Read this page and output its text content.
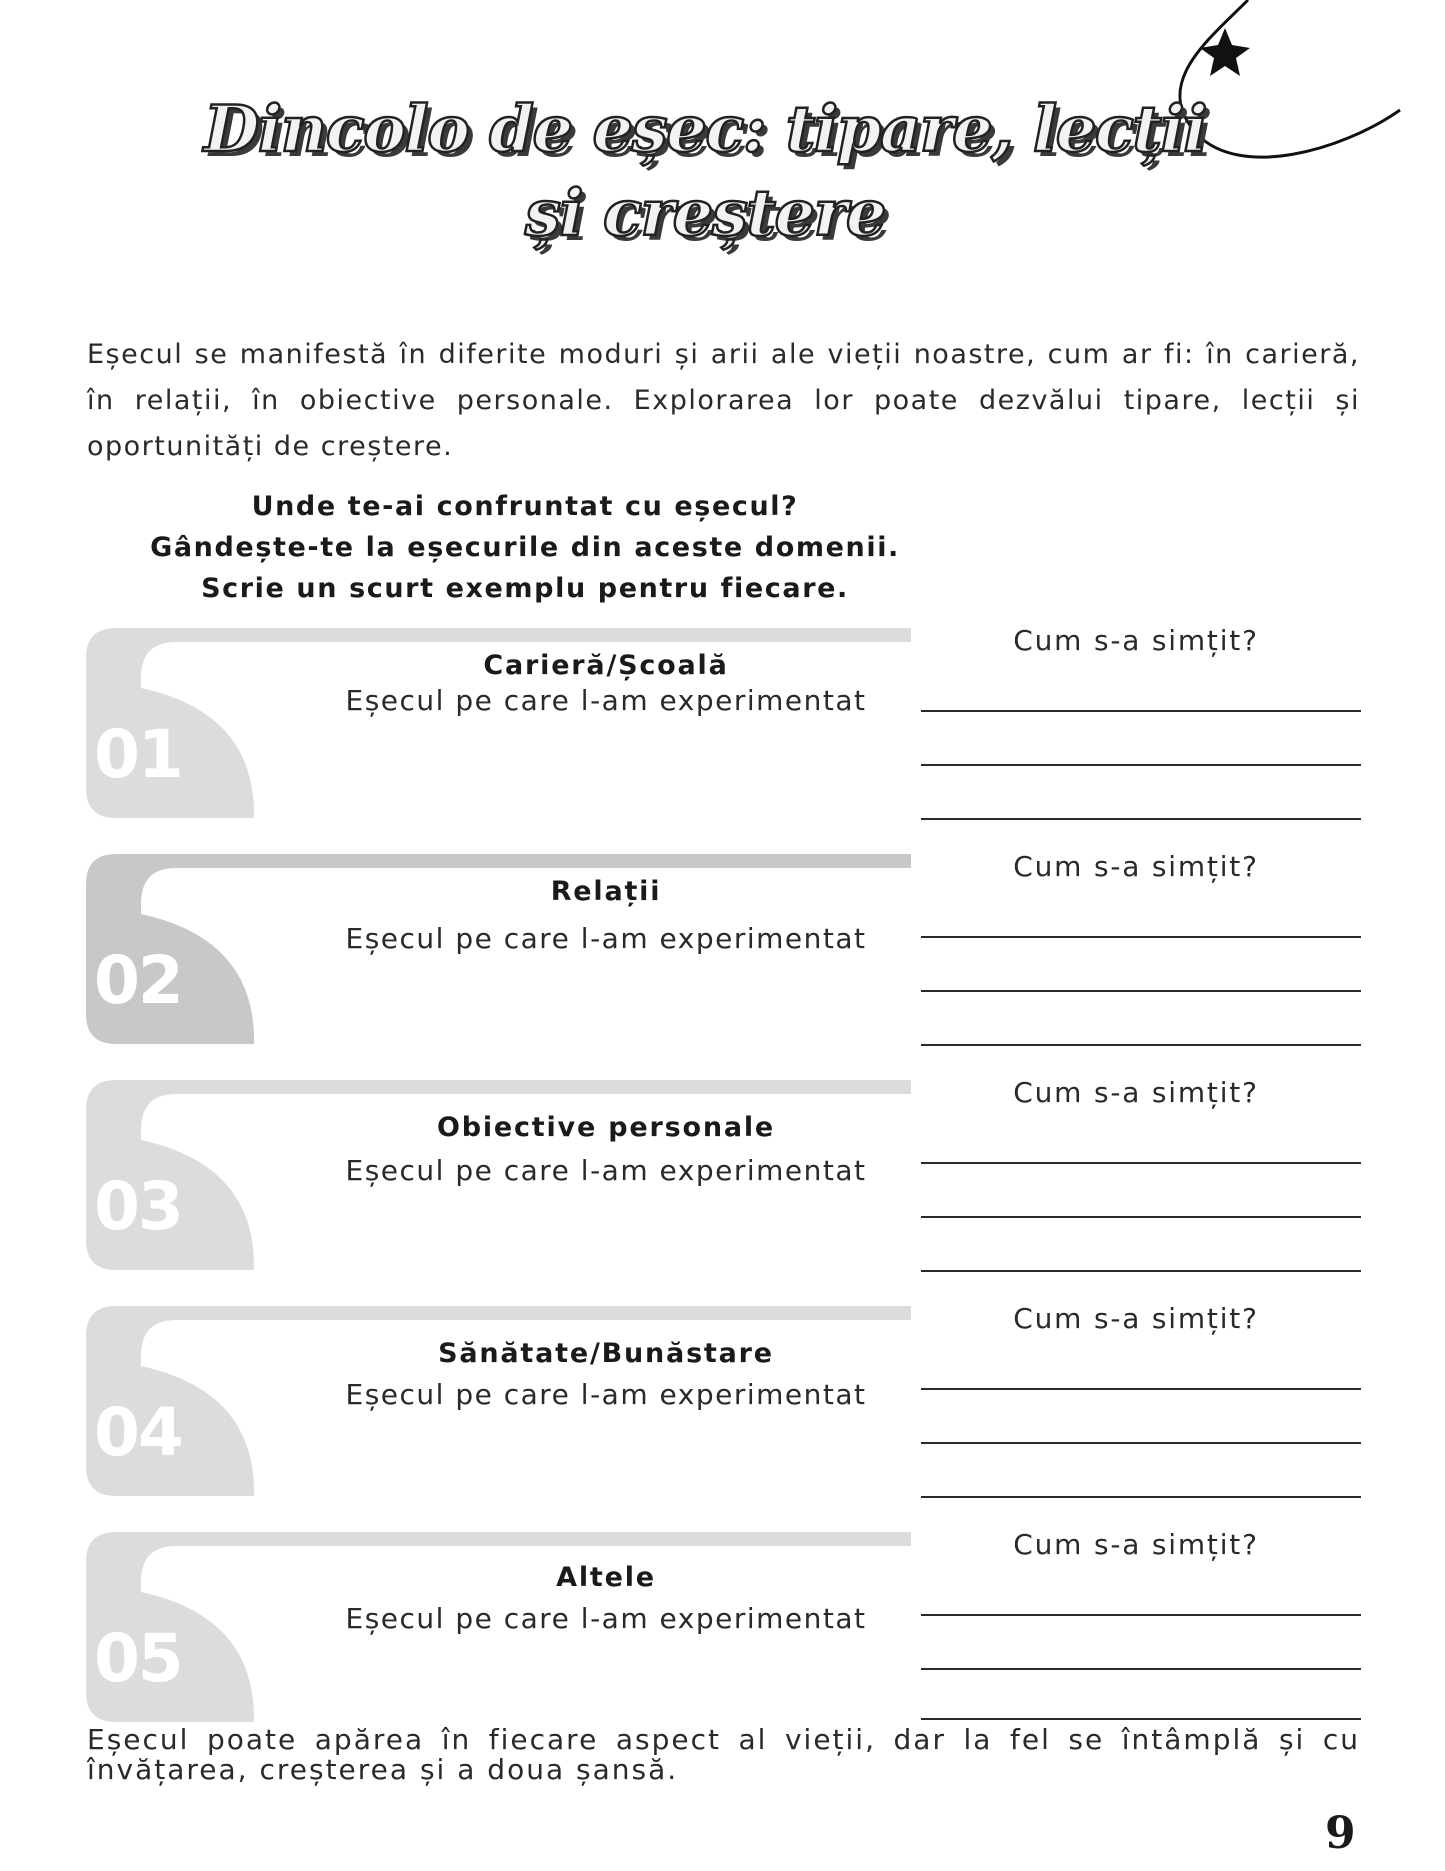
Dincolo de eșec: tipare, lecții și creștere

Eșecul se manifestă în diferite moduri și arii ale vieții noastre, cum ar fi: în carieră, în relații, în obiective personale. Explorarea lor poate dezvălui tipare, lecții și oportunități de creștere.

Unde te-ai confruntat cu eșecul?
Gândește-te la eșecurile din aceste domenii.
Scrie un scurt exemplu pentru fiecare.
01
Carieră/Școală
Eșecul pe care l-am experimentat
Cum s-a simțit?
02
Relații
Eșecul pe care l-am experimentat
Cum s-a simțit?
03
Obiective personale
Eșecul pe care l-am experimentat
Cum s-a simțit?
04
Sănătate/Bunăstare
Eșecul pe care l-am experimentat
Cum s-a simțit?
05
Altele
Eșecul pe care l-am experimentat
Cum s-a simțit?

Eșecul poate apărea în fiecare aspect al vieții, dar la fel se întâmplă și cu învățarea, creșterea și a doua șansă.

9
